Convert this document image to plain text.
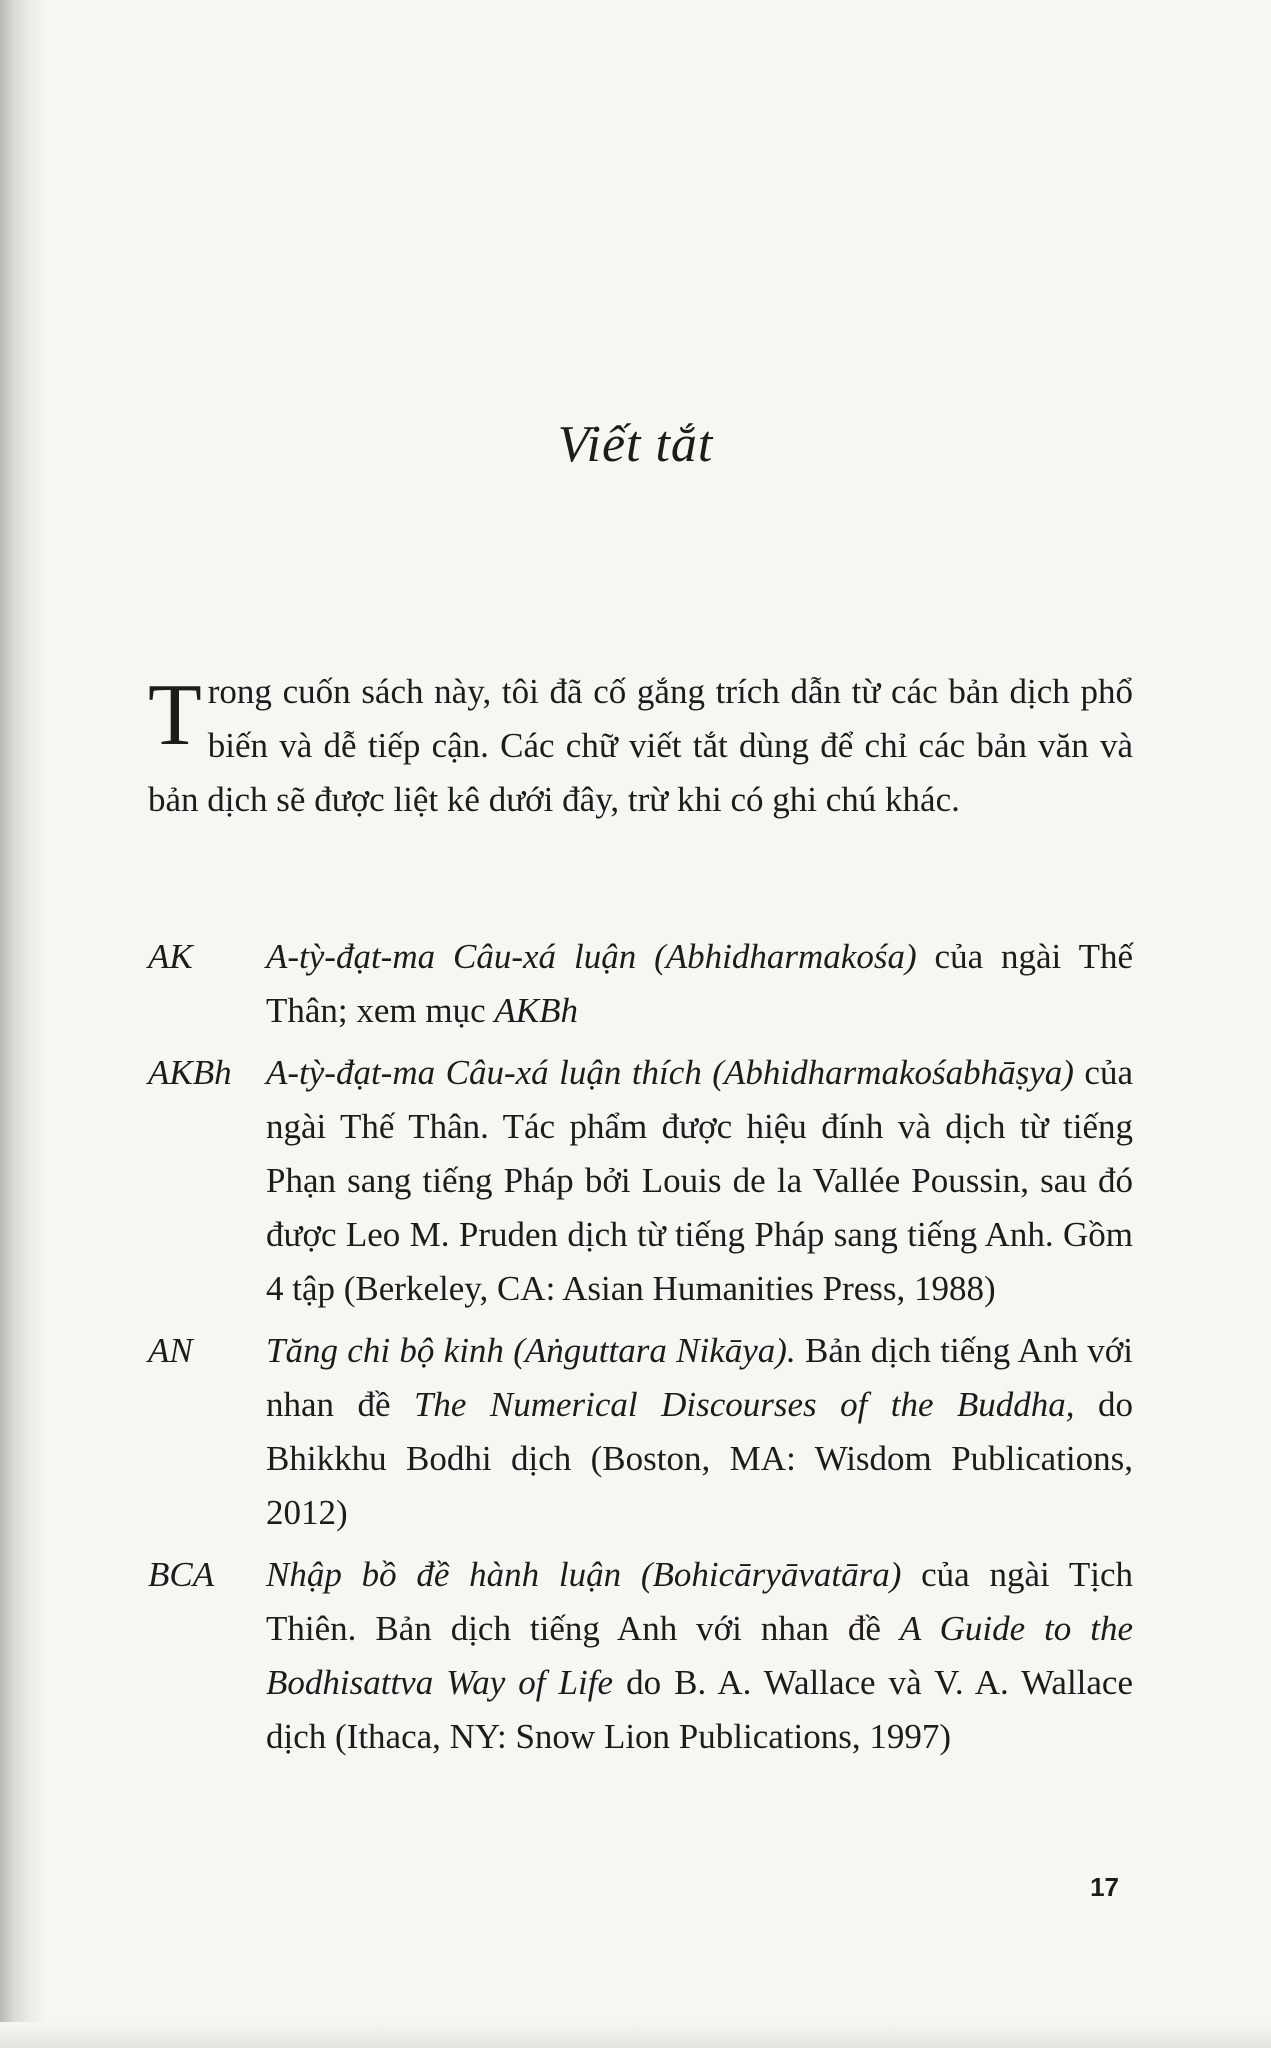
Viết tắt
Trong cuốn sách này, tôi đã cố gắng trích dẫn từ các bản dịch phổ biến và dễ tiếp cận. Các chữ viết tắt dùng để chỉ các bản văn và bản dịch sẽ được liệt kê dưới đây, trừ khi có ghi chú khác.
AK A-tỳ-đạt-ma Câu-xá luận (Abhidharmakośa) của ngài Thế Thân; xem mục AKBh
AKBh A-tỳ-đạt-ma Câu-xá luận thích (Abhidharmakośabhāṣya) của ngài Thế Thân. Tác phẩm được hiệu đính và dịch từ tiếng Phạn sang tiếng Pháp bởi Louis de la Vallée Poussin, sau đó được Leo M. Pruden dịch từ tiếng Pháp sang tiếng Anh. Gồm 4 tập (Berkeley, CA: Asian Humanities Press, 1988)
AN Tăng chi bộ kinh (Aṅguttara Nikāya). Bản dịch tiếng Anh với nhan đề The Numerical Discourses of the Buddha, do Bhikkhu Bodhi dịch (Boston, MA: Wisdom Publications, 2012)
BCA Nhập bồ đề hành luận (Bohicāryāvatāra) của ngài Tịch Thiên. Bản dịch tiếng Anh với nhan đề A Guide to the Bodhisattva Way of Life do B. A. Wallace và V. A. Wallace dịch (Ithaca, NY: Snow Lion Publications, 1997)
17
